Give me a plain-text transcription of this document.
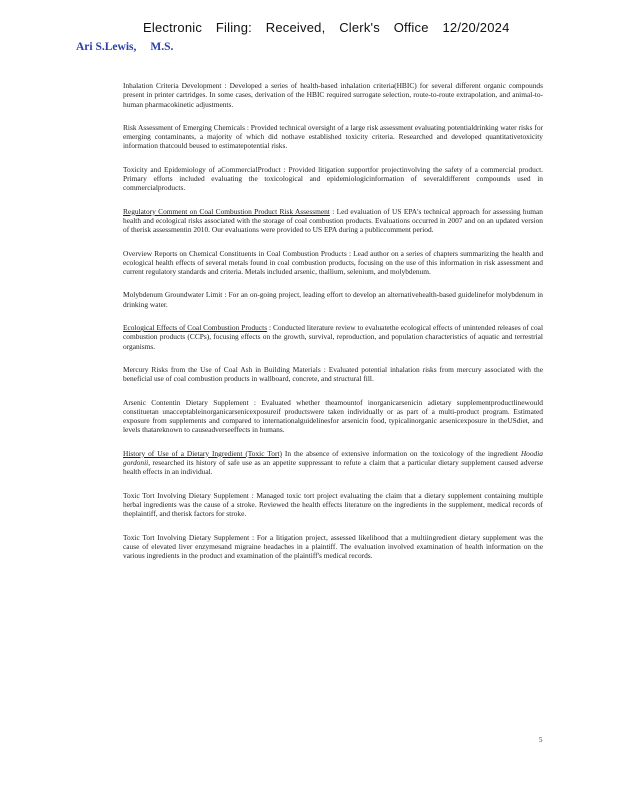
Electronic Filing: Received, Clerk's Office 12/20/2024
Ari S.Lewis, M.S.

Inhalation Criteria Development : Developed a series of health-based inhalation criteria(HBIC) for several different organic compounds present in printer cartridges. In some cases, derivation of the HBIC required surrogate selection, route-to-route extrapolation, and animal-to-human pharmacokinetic adjustments.

Risk Assessment of Emerging Chemicals : Provided technical oversight of a large risk assessment evaluating potentialdrinking water risks for emerging contaminants, a majority of which did nothave established toxicity criteria. Researched and developed quantitativetoxicity information thatcould beused to estimatepotential risks.

Toxicity and Epidemiology of aCommercialProduct : Provided litigation supportfor projectinvolving the safety of a commercial product. Primary efforts included evaluating the toxicological and epidemiologicinformation of severaldifferent compounds used in commercialproducts.

Regulatory Comment on Coal Combustion Product Risk Assessment : Led evaluation of US EPA's technical approach for assessing human health and ecological risks associated with the storage of coal combustion products. Evaluations occurred in 2007 and on an updated version of therisk assessmentin 2010. Our evaluations were provided to US EPA during a publiccomment period.

Overview Reports on Chemical Constituents in Coal Combustion Products : Lead author on a series of chapters summarizing the health and ecological health effects of several metals found in coal combustion products, focusing on the use of this information in risk assessment and current regulatory standards and criteria. Metals included arsenic, thallium, selenium, and molybdenum.

Molybdenum Groundwater Limit : For an on-going project, leading effort to develop an alternativehealth-based guidelinefor molybdenum in drinking water.

Ecological Effects of Coal Combustion Products : Conducted literature review to evaluatethe ecological effects of unintended releases of coal combustion products (CCPs), focusing effects on the growth, survival, reproduction, and population characteristics of aquatic and terrestrial organisms.

Mercury Risks from the Use of Coal Ash in Building Materials : Evaluated potential inhalation risks from mercury associated with the beneficial use of coal combustion products in wallboard, concrete, and structural fill.

Arsenic Contentin Dietary Supplement : Evaluated whether theamountof inorganicarsenicin adietary supplementproductlinewould constituetan unacceptableinorganicarsenicexposureif productswere taken individually or as part of a multi-product program. Estimated exposure from supplements and compared to internationalguidelinesfor arsenicin food, typicalinorganic arsenicexposure in theUSdiet, and levels thatareknown to causeadverseeffects in humans.

History of Use of a Dietary Ingredient (Toxic Tort) In the absence of extensive information on the toxicology of the ingredient Hoodia gordonii, researched its history of safe use as an appetite suppressant to refute a claim that a particular dietary supplement caused adverse health effects in an individual.

Toxic Tort Involving Dietary Supplement : Managed toxic tort project evaluating the claim that a dietary supplement containing multiple herbal ingredients was the cause of a stroke. Reviewed the health effects literature on the ingredients in the supplement, medical records of theplaintiff, and therisk factors for stroke.

Toxic Tort Involving Dietary Supplement : For a litigation project, assessed likelihood that a multiingredient dietary supplement was the cause of elevated liver enzymesand migraine headaches in a plaintiff. The evaluation involved examination of health information on the various ingredients in the product and examination of the plaintiff's medical records.

5
